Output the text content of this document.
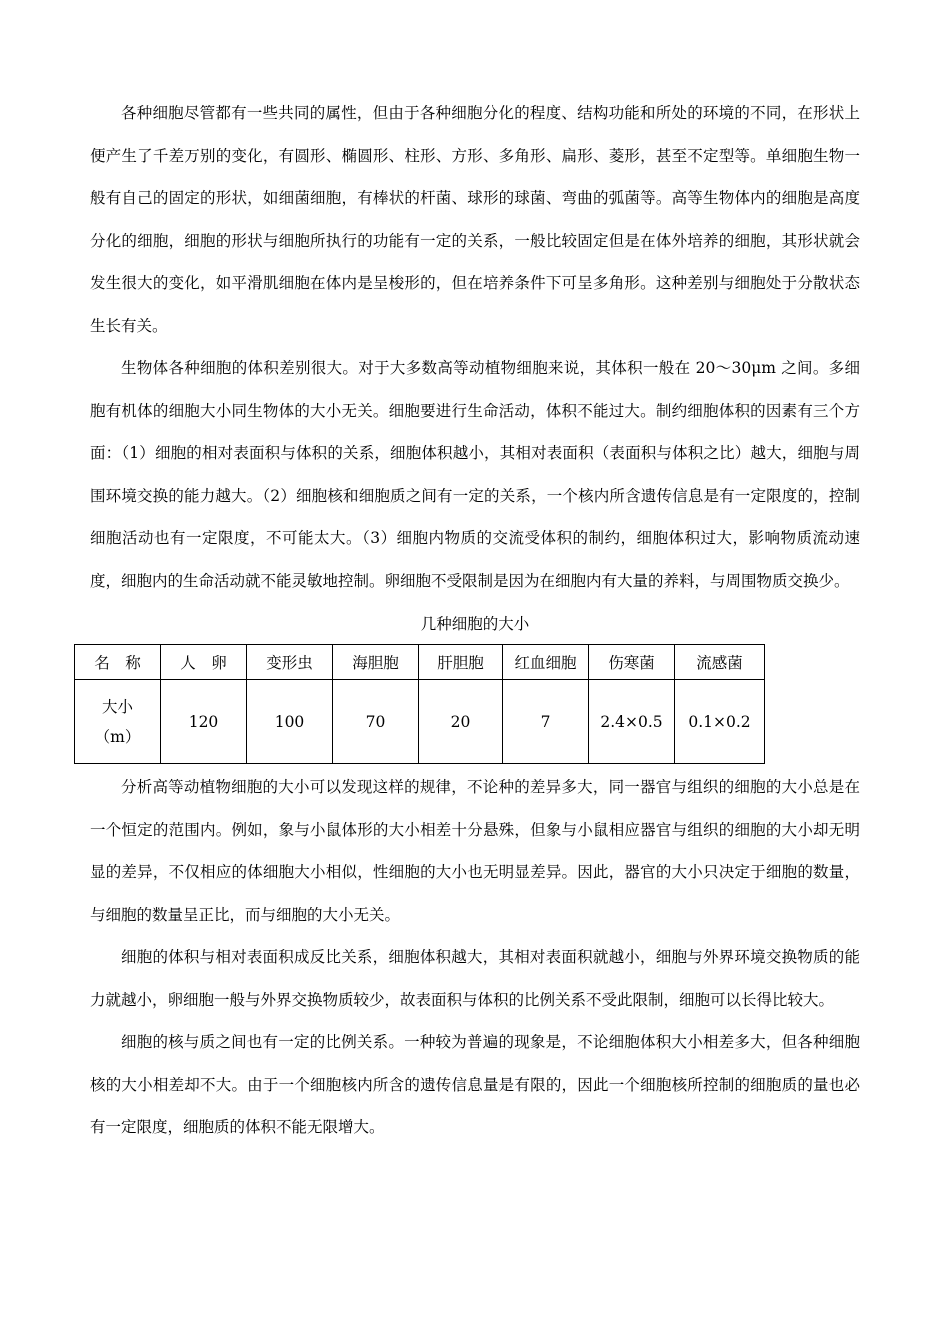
各种细胞尽管都有一些共同的属性，但由于各种细胞分化的程度、结构功能和所处的环境的不同，在形状上便产生了千差万别的变化，有圆形、椭圆形、柱形、方形、多角形、扁形、菱形，甚至不定型等。单细胞生物一般有自己的固定的形状，如细菌细胞，有棒状的杆菌、球形的球菌、弯曲的弧菌等。高等生物体内的细胞是高度分化的细胞，细胞的形状与细胞所执行的功能有一定的关系，一般比较固定但是在体外培养的细胞，其形状就会发生很大的变化，如平滑肌细胞在体内是呈梭形的，但在培养条件下可呈多角形。这种差别与细胞处于分散状态生长有关。

生物体各种细胞的体积差别很大。对于大多数高等动植物细胞来说，其体积一般在 20～30μm 之间。多细胞有机体的细胞大小同生物体的大小无关。细胞要进行生命活动，体积不能过大。制约细胞体积的因素有三个方面：（1）细胞的相对表面积与体积的关系，细胞体积越小，其相对表面积（表面积与体积之比）越大，细胞与周围环境交换的能力越大。（2）细胞核和细胞质之间有一定的关系，一个核内所含遗传信息是有一定限度的，控制细胞活动也有一定限度，不可能太大。（3）细胞内物质的交流受体积的制约，细胞体积过大，影响物质流动速度，细胞内的生命活动就不能灵敏地控制。卵细胞不受限制是因为在细胞内有大量的养料，与周围物质交换少。

几种细胞的大小

名　称	人　卵	变形虫	海胆胞	肝胆胞	红血细胞	伤寒菌	流感菌

大小
（m）	120	100	70	20	7	2.4×0.5	0.1×0.2

分析高等动植物细胞的大小可以发现这样的规律，不论种的差异多大，同一器官与组织的细胞的大小总是在一个恒定的范围内。例如，象与小鼠体形的大小相差十分悬殊，但象与小鼠相应器官与组织的细胞的大小却无明显的差异，不仅相应的体细胞大小相似，性细胞的大小也无明显差异。因此，器官的大小只决定于细胞的数量，与细胞的数量呈正比，而与细胞的大小无关。

细胞的体积与相对表面积成反比关系，细胞体积越大，其相对表面积就越小，细胞与外界环境交换物质的能力就越小，卵细胞一般与外界交换物质较少，故表面积与体积的比例关系不受此限制，细胞可以长得比较大。

细胞的核与质之间也有一定的比例关系。一种较为普遍的现象是，不论细胞体积大小相差多大，但各种细胞核的大小相差却不大。由于一个细胞核内所含的遗传信息量是有限的，因此一个细胞核所控制的细胞质的量也必有一定限度，细胞质的体积不能无限增大。
